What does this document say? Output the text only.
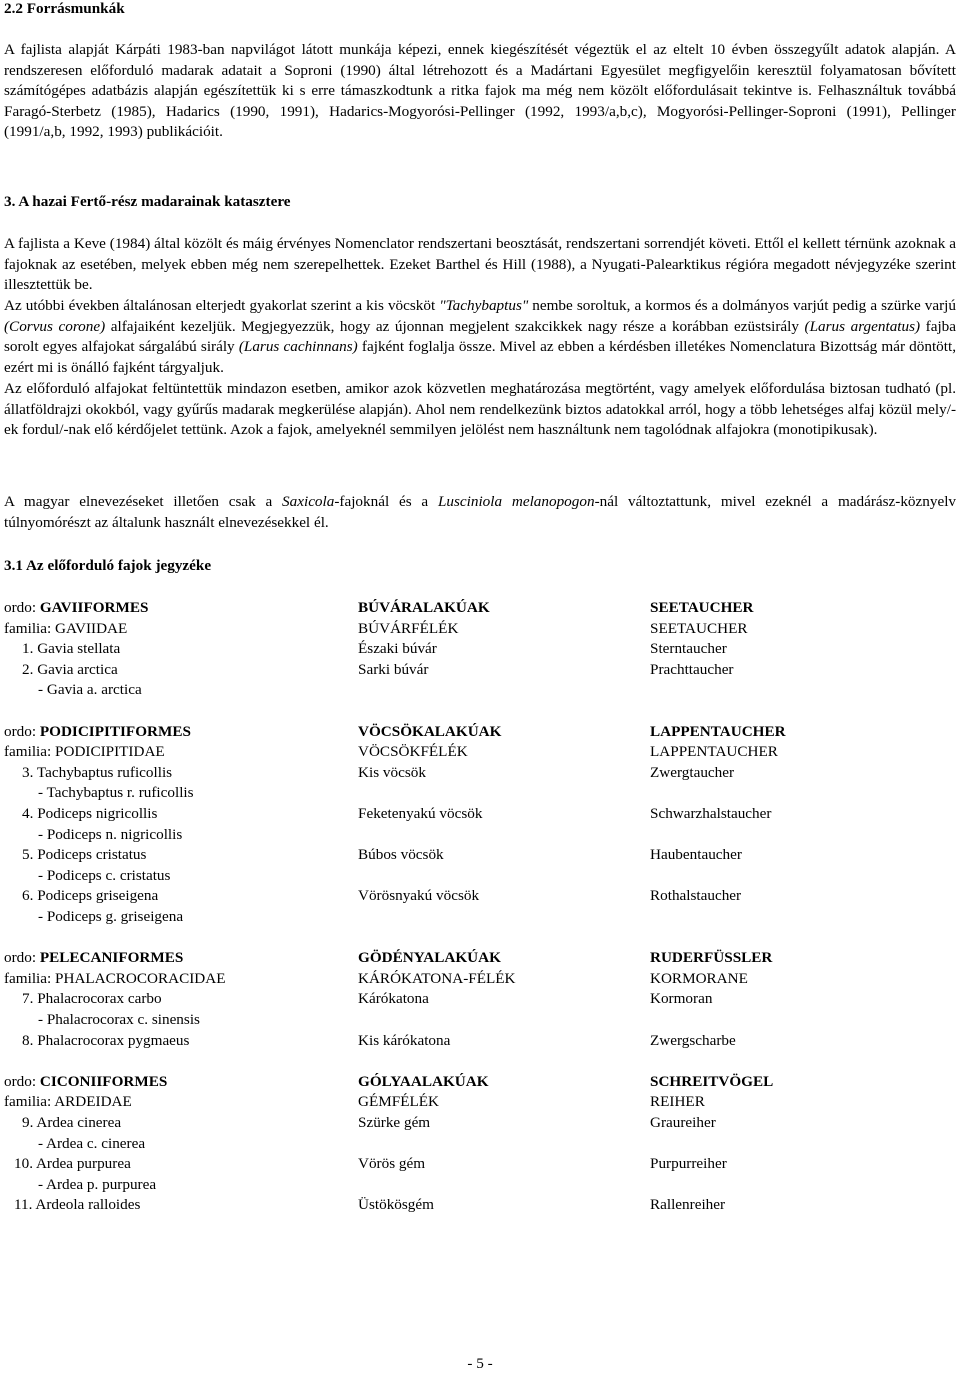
2.2 Forrásmunkák

A fajlista alapját Kárpáti 1983-ban napvilágot látott munkája képezi, ennek kiegészítését végeztük el az eltelt 10 évben összegyűlt adatok alapján. A rendszeresen előforduló madarak adatait a Soproni (1990) által létrehozott és a Madártani Egyesület megfigyelőin keresztül folyamatosan bővített számítógépes adatbázis alapján egészítettük ki s erre támaszkodtunk a ritka fajok ma még nem közölt előfordulásait tekintve is. Felhasználtuk továbbá Faragó-Sterbetz (1985), Hadarics (1990, 1991), Hadarics-Mogyorósi-Pellinger (1992, 1993/a,b,c), Mogyorósi-Pellinger-Soproni (1991), Pellinger (1991/a,b, 1992, 1993) publikációit.

3. A hazai Fertő-rész madarainak katasztere

A fajlista a Keve (1984) által közölt és máig érvényes Nomenclator rendszertani beosztását, rendszertani sorrendjét követi. Ettől el kellett térnünk azoknak a fajoknak az esetében, melyek ebben még nem szerepelhettek. Ezeket Barthel és Hill (1988), a Nyugati-Palearktikus régióra megadott névjegyzéke szerint illesztettük be.

Az utóbbi években általánosan elterjedt gyakorlat szerint a kis vöcsköt "Tachybaptus" nembe soroltuk, a kormos és a dolmányos varjút pedig a szürke varjú (Corvus corone) alfajaiként kezeljük. Megjegyezzük, hogy az újonnan megjelent szakcikkek nagy része a korábban ezüstsirály (Larus argentatus) fajba sorolt egyes alfajokat sárgalábú sirály (Larus cachinnans) fajként foglalja össze. Mivel az ebben a kérdésben illetékes Nomenclatura Bizottság már döntött, ezért mi is önálló fajként tárgyaljuk.

Az előforduló alfajokat feltüntettük mindazon esetben, amikor azok közvetlen meghatározása megtörtént, vagy amelyek előfordulása biztosan tudható (pl. állatföldrajzi okokból, vagy gyűrűs madarak megkerülése alapján). Ahol nem rendelkezünk biztos adatokkal arról, hogy a több lehetséges alfaj közül mely/-ek fordul/-nak elő kérdőjelet tettünk. Azok a fajok, amelyeknél semmilyen jelölést nem használtunk nem tagolódnak alfajokra (monotipikusak).

A magyar elnevezéseket illetően csak a Saxicola-fajoknál és a Lusciniola melanopogon-nál változtattunk, mivel ezeknél a madárász-köznyelv túlnyomórészt az általunk használt elnevezésekkel él.

3.1 Az előforduló fajok jegyzéke
ordo: GAVIIFORMES	BÚVÁRALAKÚAK	SEETAUCHER
familia: GAVIIDAE	BÚVÁRFÉLÉK	SEETAUCHER
1. Gavia stellata	Északi búvár	Sterntaucher
2. Gavia arctica	Sarki búvár	Prachttaucher
- Gavia a. arctica
ordo: PODICIPITIFORMES	VÖCSÖKALAKÚAK	LAPPENTAUCHER
familia: PODICIPITIDAE	VÖCSÖKFÉLÉK	LAPPENTAUCHER
3. Tachybaptus ruficollis	Kis vöcsök	Zwergtaucher
- Tachybaptus r. ruficollis
4. Podiceps nigricollis	Feketenyakú vöcsök	Schwarzhalstaucher
- Podiceps n. nigricollis
5. Podiceps cristatus	Búbos vöcsök	Haubentaucher
- Podiceps c. cristatus
6. Podiceps griseigena	Vörösnyakú vöcsök	Rothalstaucher
- Podiceps g. griseigena
ordo: PELECANIFORMES	GÖDÉNYALAKÚAK	RUDERFÜSSLER
familia: PHALACROCORACIDAE	KÁRÓKATONA-FÉLÉK	KORMORANE
7. Phalacrocorax carbo	Kárókatona	Kormoran
- Phalacrocorax c. sinensis
8. Phalacrocorax pygmaeus	Kis kárókatona	Zwergscharbe
ordo: CICONIIFORMES	GÓLYAALAKÚAK	SCHREITVÖGEL
familia: ARDEIDAE	GÉMFÉLÉK	REIHER
9. Ardea cinerea	Szürke gém	Graureiher
- Ardea c. cinerea
10. Ardea purpurea	Vörös gém	Purpurreiher
- Ardea p. purpurea
11. Ardeola ralloides	Üstökösgém	Rallenreiher
- 5 -
